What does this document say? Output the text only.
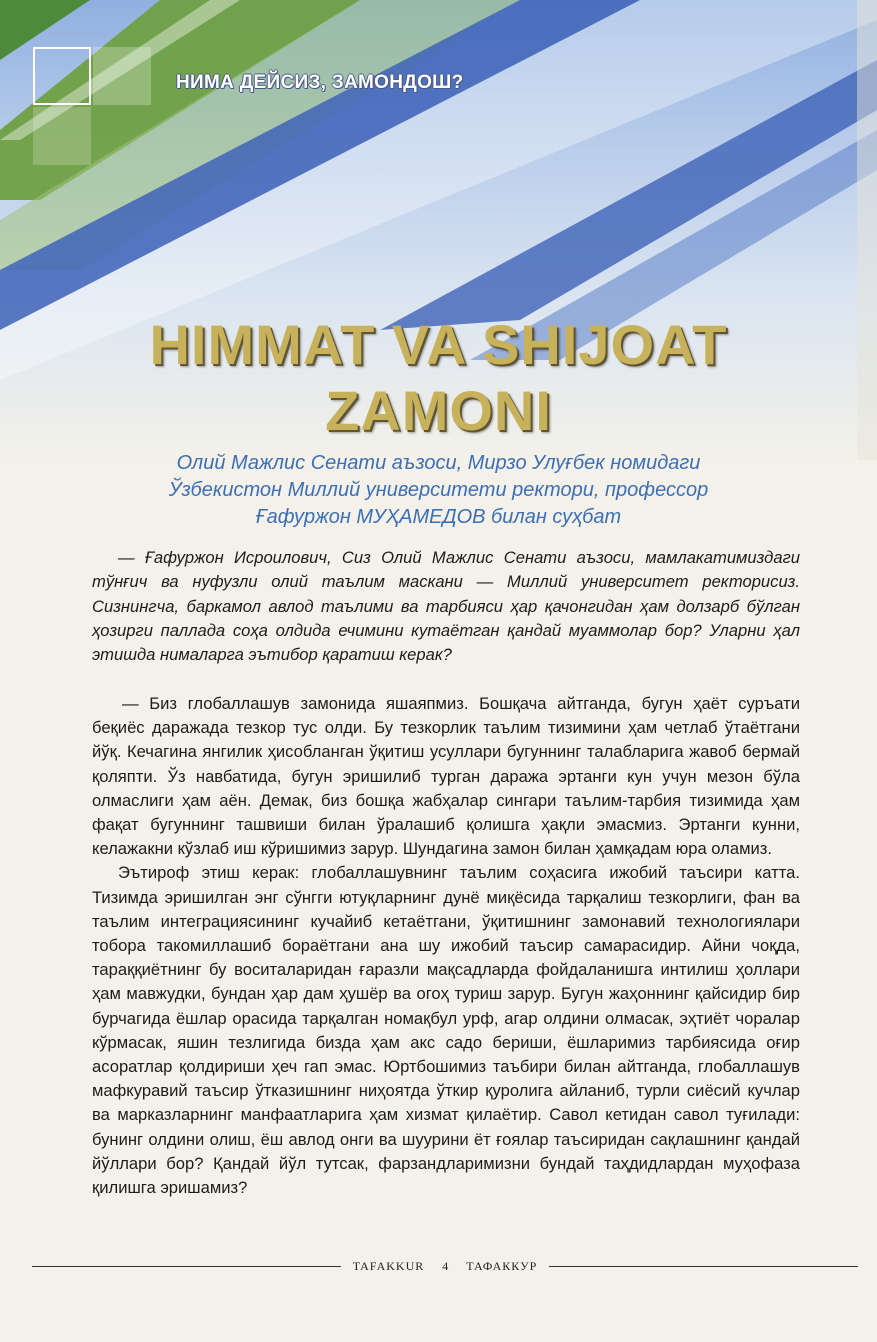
НИМА ДЕЙСИЗ, ЗАМОНДОШ?
HIMMAT VA SHIJOAT
ZAMONI
Олий Мажлис Сенати аъзоси, Мирзо Улуғбек номидаги
Ўзбекистон Миллий университети ректори, профессор
Ғафуржон МУҲАМЕДОВ билан суҳбат

— Ғафуржон Исроилович, Сиз Олий Мажлис Сенати аъзоси, мамлакатимиздаги тўнғич ва нуфузли олий таълим маскани — Миллий университет ректорисиз. Сизнингча, баркамол авлод таълими ва тарбияси ҳар қачонгидан ҳам долзарб бўлган ҳозирги паллада соҳа олдида ечимини кутаётган қандай муаммолар бор? Уларни ҳал этишда нималарга эътибор қаратиш керак?

— Биз глобаллашув замонида яшаяпмиз. Бошқача айтганда, бугун ҳаёт суръати беқиёс даражада тезкор тус олди. Бу тезкорлик таълим тизимини ҳам четлаб ўтаётгани йўқ. Кечагина янгилик ҳисобланган ўқитиш усуллари бугуннинг талабларига жавоб бермай қоляпти. Ўз навбатида, бугун эришилиб турган даража эртанги кун учун мезон бўла олмаслиги ҳам аён. Демак, биз бошқа жабҳалар сингари таълим-тарбия тизимида ҳам фақат бугуннинг ташвиши билан ўралашиб қолишга ҳақли эмасмиз. Эртанги кунни, келажакни кўзлаб иш кўришимиз зарур. Шундагина замон билан ҳамқадам юра оламиз.

Эътироф этиш керак: глобаллашувнинг таълим соҳасига ижобий таъсири катта. Тизимда эришилган энг сўнгги ютуқларнинг дунё миқёсида тарқалиш тезкорлиги, фан ва таълим интеграциясининг кучайиб кетаётгани, ўқитишнинг замонавий технологиялари тобора такомиллашиб бораётгани ана шу ижобий таъсир самарасидир. Айни чоқда, тараққиётнинг бу воситаларидан ғаразли мақсадларда фойдаланишга интилиш ҳоллари ҳам мавжудки, бундан ҳар дам ҳушёр ва огоҳ туриш зарур. Бугун жаҳоннинг қайсидир бир бурчагида ёшлар орасида тарқалган номақбул урф, агар олдини олмасак, эҳтиёт чоралар кўрмасак, яшин тезлигида бизда ҳам акс садо бериши, ёшларимиз тарбиясида оғир асоратлар қолдириши ҳеч гап эмас. Юртбошимиз таъбири билан айтганда, глобаллашув мафкуравий таъсир ўтказишнинг ниҳоятда ўткир қуролига айланиб, турли сиёсий кучлар ва марказларнинг манфаатларига ҳам хизмат қилаётир. Савол кетидан савол туғилади: бунинг олдини олиш, ёш авлод онги ва шуурини ёт ғоялар таъсиридан сақлашнинг қандай йўллари бор? Қандай йўл тутсак, фарзандларимизни бундай таҳдидлардан муҳофаза қилишга эришамиз?

TAFAKKUR	4	ТАФАККУР
